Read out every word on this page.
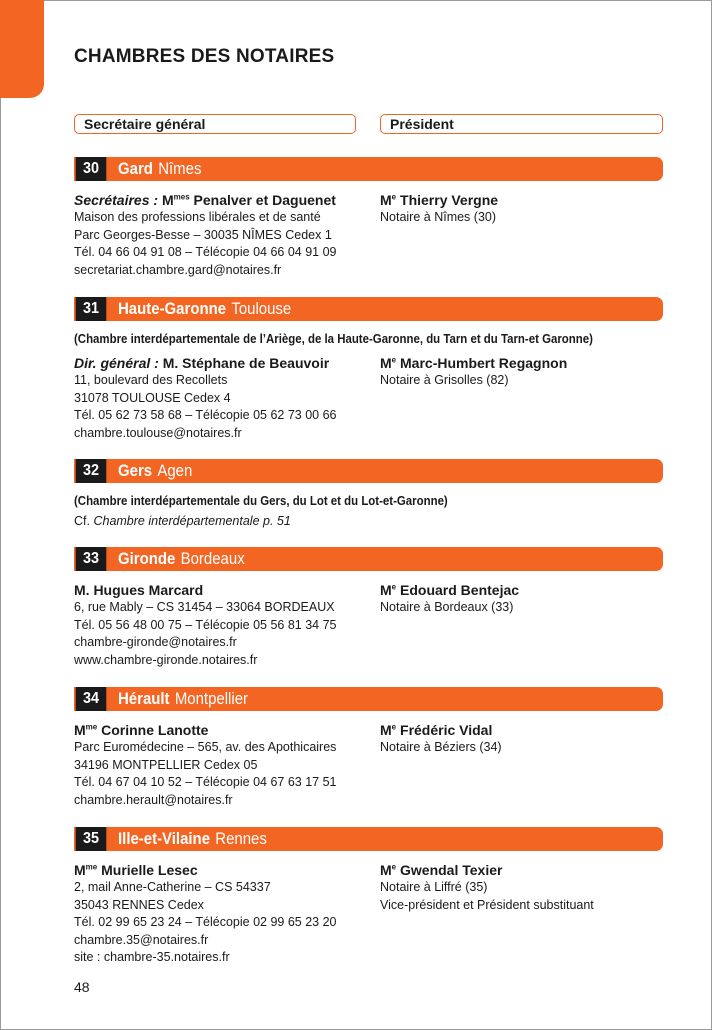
CHAMBRES DES NOTAIRES
Secrétaire général	Président
30	Gard Nîmes
Secrétaires : $M^{mes}$ Penalver et Daguenet
Maison des professions libérales et de santé
Parc Georges-Besse – 30035 NÎMES Cedex 1
Tél. 04 66 04 91 08 – Télécopie 04 66 04 91 09
secretariat.chambre.gard@notaires.fr
Me Thierry Vergne
Notaire à Nîmes (30)
31	Haute-Garonne Toulouse
(Chambre interdépartementale de l’Ariège, de la Haute-Garonne, du Tarn et du Tarn-et Garonne)
Dir. général : M. Stéphane de Beauvoir
11, boulevard des Recollets
31078 TOULOUSE Cedex 4
Tél. 05 62 73 58 68 – Télécopie 05 62 73 00 66
chambre.toulouse@notaires.fr
Me Marc-Humbert Regagnon
Notaire à Grisolles (82)
32	Gers Agen
(Chambre interdépartementale du Gers, du Lot et du Lot-et-Garonne)
Cf. Chambre interdépartementale p. 51
33	Gironde Bordeaux
M. Hugues Marcard
6, rue Mably – CS 31454 – 33064 BORDEAUX
Tél. 05 56 48 00 75 – Télécopie 05 56 81 34 75
chambre-gironde@notaires.fr
www.chambre-gironde.notaires.fr
Me Edouard Bentejac
Notaire à Bordeaux (33)
34	Hérault Montpellier
$M^{me}$ Corinne Lanotte
Parc Euromédecine – 565, av. des Apothicaires
34196 MONTPELLIER Cedex 05
Tél. 04 67 04 10 52 – Télécopie 04 67 63 17 51
chambre.herault@notaires.fr
Me Frédéric Vidal
Notaire à Béziers (34)
35	Ille-et-Vilaine Rennes
$M^{me}$ Murielle Lesec
2, mail Anne-Catherine – CS 54337
35043 RENNES Cedex
Tél. 02 99 65 23 24 – Télécopie 02 99 65 23 20
chambre.35@notaires.fr
site : chambre-35.notaires.fr
Me Gwendal Texier
Notaire à Liffré (35)
Vice-président et Président substituant
48
